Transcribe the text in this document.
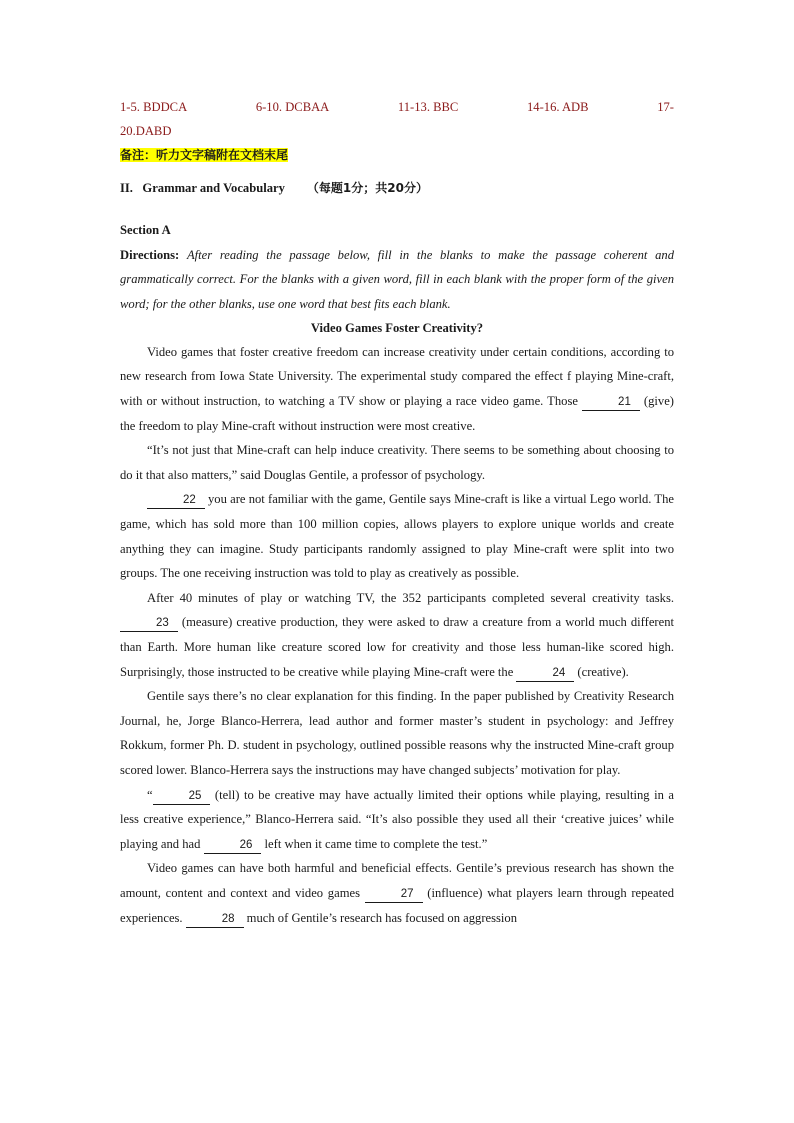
1-5. BDDCA	6-10. DCBAA	11-13. BBC	14-16. ADB	17-
20.DABD
备注：听力文字稿附在文档末尾
II.   Grammar and Vocabulary （每题1分；共20分）
Section A
Directions: After reading the passage below, fill in the blanks to make the passage coherent and grammatically correct. For the blanks with a given word, fill in each blank with the proper form of the given word; for the other blanks, use one word that best fits each blank.
Video Games Foster Creativity?

Video games that foster creative freedom can increase creativity under certain conditions, according to new research from Iowa State University. The experimental study compared the effect f playing Mine-craft, with or without instruction, to watching a TV show or playing a race video game. Those	21 (give) the freedom to play Mine-craft without instruction were most creative.

“It’s not just that Mine-craft can help induce creativity. There seems to be something about choosing to do it that also matters,” said Douglas Gentile, a professor of psychology.

22 you are not familiar with the game, Gentile says Mine-craft is like a virtual Lego world. The game, which has sold more than 100 million copies, allows players to explore unique worlds and create anything they can imagine. Study participants randomly assigned to play Mine-craft were split into two groups. The one receiving instruction was told to play as creatively as possible.

After 40 minutes of play or watching TV, the 352 participants completed several creativity tasks. 23 (measure) creative production, they were asked to draw a creature from a world much different than Earth. More human like creature scored low for creativity and those less human-like scored high. Surprisingly, those instructed to be creative while playing Mine-craft were the	24 (creative).

Gentile says there’s no clear explanation for this finding. In the paper published by Creativity Research Journal, he, Jorge Blanco-Herrera, lead author and former master’s student in psychology: and Jeffrey Rokkum, former Ph. D. student in psychology, outlined possible reasons why the instructed Mine-craft group scored lower. Blanco-Herrera says the instructions may have changed subjects’ motivation for play.

“	25 (tell) to be creative may have actually limited their options while playing, resulting in a less creative experience,” Blanco-Herrera said. “It’s also possible they used all their ‘creative juices’ while playing and had	26 left when it came time to complete the test.”

Video games can have both harmful and beneficial effects. Gentile’s previous research has shown the amount, content and context and video games	27 (influence) what players learn through repeated experiences.	28 much of Gentile’s research has focused on aggression
